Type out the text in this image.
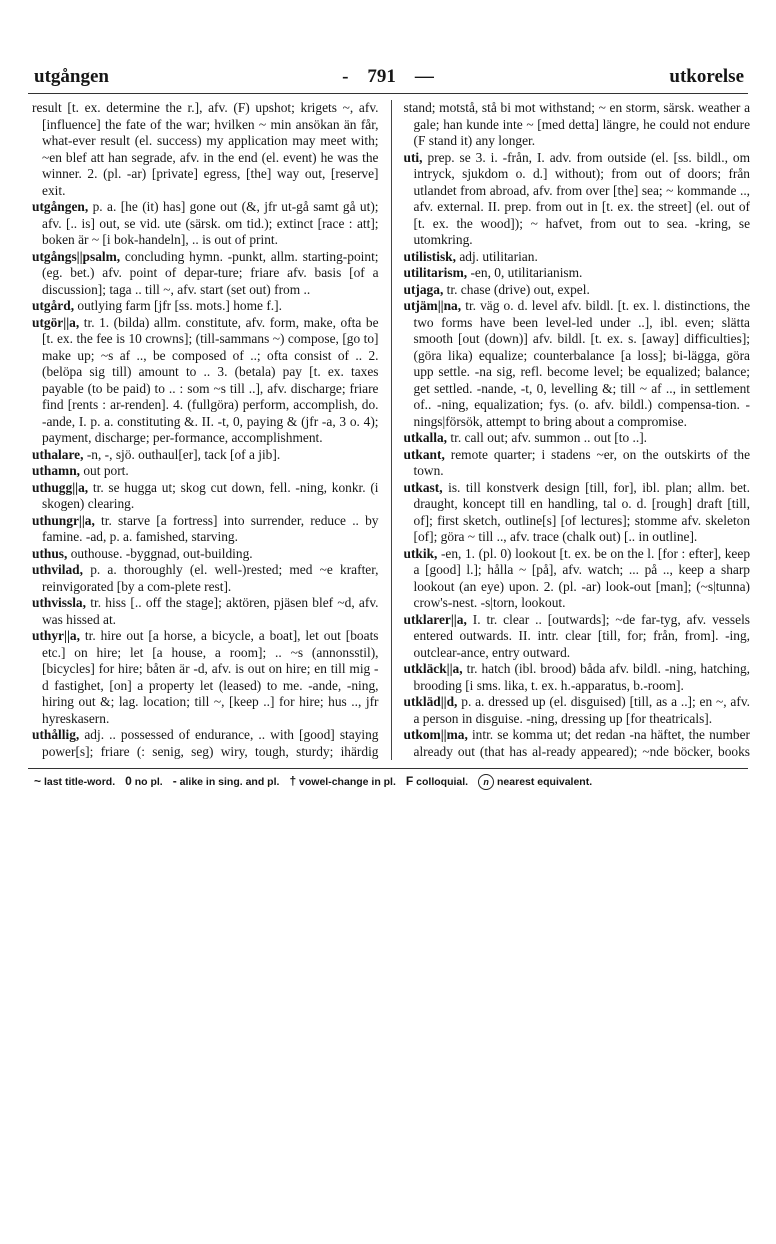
utgången	- 791 —	utkorelse

result [t. ex. determine the r.], afv. (F) upshot; krigets ~, afv. [influence] the fate of the war; hvilken ~ min ansökan än får, what-ever result (el. success) my application may meet with; ~en blef att han segrade, afv. in the end (el. event) he was the winner. 2. (pl. -ar) [private] egress, [the] way out, [reserve] exit.

utgången, p. a. [he (it) has] gone out (&, jfr ut-gå samt gå ut); afv. [.. is] out, se vid. ute (särsk. om tid.); extinct [race : att]; boken är ~ [i bok-handeln], .. is out of print.

utgångs||psalm, concluding hymn. -punkt, allm. starting-point; (eg. bet.) afv. point of depar-ture; friare afv. basis [of a discussion]; taga .. till ~, afv. start (set out) from ..

utgård, outlying farm [jfr [ss. mots.] home f.].

utgör||a, tr. 1. (bilda) allm. constitute, afv. form, make, ofta be [t. ex. the fee is 10 crowns]; (till-sammans ~) compose, [go to] make up; ~s af .., be composed of ..; ofta consist of .. 2. (belöpa sig till) amount to .. 3. (betala) pay [t. ex. taxes payable (to be paid) to .. : som ~s till ..], afv. discharge; friare find [rents : ar-renden]. 4. (fullgöra) perform, accomplish, do. -ande, I. p. a. constituting &. II. -t, 0, paying & (jfr -a, 3 o. 4); payment, discharge; per-formance, accomplishment.

uthalare, -n, -, sjö. outhaul[er], tack [of a jib].

uthamn, out port.

uthugg||a, tr. se hugga ut; skog cut down, fell. -ning, konkr. (i skogen) clearing.

uthungr||a, tr. starve [a fortress] into surrender, reduce .. by famine. -ad, p. a. famished, starving.

uthus, outhouse. -byggnad, out-building.

uthvilad, p. a. thoroughly (el. well-)rested; med ~e krafter, reinvigorated [by a com-plete rest].

uthvissla, tr. hiss [.. off the stage]; aktören, pjäsen blef ~d, afv. was hissed at.

uthyr||a, tr. hire out [a horse, a bicycle, a boat], let out [boats etc.] on hire; let [a house, a room]; .. ~s (annonsstil), [bicycles] for hire; båten är -d, afv. is out on hire; en till mig -d fastighet, [on] a property let (leased) to me. -ande, -ning, hiring out &; lag. location; till ~, [keep ..] for hire; hus .., jfr hyreskasern.

uthållig, adj. .. possessed of endurance, .. with [good] staying power[s]; friare (: senig, seg) wiry, tough, sturdy; ihärdig

stand; motstå, stå bi mot withstand; ~ en storm, särsk. weather a gale; han kunde inte ~ [med detta] längre, he could not endure (F stand it) any longer.

uti, prep. se 3. i. -från, I. adv. from outside (el. [ss. bildl., om intryck, sjukdom o. d.] without); from out of doors; från utlandet from abroad, afv. from over [the] sea; ~ kommande .., afv. external. II. prep. from out in [t. ex. the street] (el. out of [t. ex. the wood]); ~ hafvet, from out to sea. -kring, se utomkring.

utilistisk, adj. utilitarian.

utilitarism, -en, 0, utilitarianism.

utjaga, tr. chase (drive) out, expel.

utjäm||na, tr. väg o. d. level afv. bildl. [t. ex. l. distinctions, the two forms have been level-led under ..], ibl. even; slätta smooth [out (down)] afv. bildl. [t. ex. s. [away] difficulties]; (göra lika) equalize; counterbalance [a loss]; bi-lägga, göra upp settle. -na sig, refl. become level; be equalized; balance; get settled. -nande, -t, 0, levelling &; till ~ af .., in settlement of.. -ning, equalization; fys. (o. afv. bildl.) compensa-tion. -nings|försök, attempt to bring about a compromise.

utkalla, tr. call out; afv. summon .. out [to ..].

utkant, remote quarter; i stadens ~er, on the outskirts of the town.

utkast, is. till konstverk design [till, for], ibl. plan; allm. bet. draught, koncept till en handling, tal o. d. [rough] draft [till, of]; first sketch, outline[s] [of lectures]; stomme afv. skeleton [of]; göra ~ till .., afv. trace (chalk out) [.. in outline].

utkik, -en, 1. (pl. 0) lookout [t. ex. be on the l. [for : efter], keep a [good] l.]; hålla ~ [på], afv. watch; ... på .., keep a sharp lookout (an eye) upon. 2. (pl. -ar) look-out [man]; (~s|tunna) crow's-nest. -s|torn, lookout.

utklarer||a, I. tr. clear .. [outwards]; ~de far-tyg, afv. vessels entered outwards. II. intr. clear [till, for; från, from]. -ing, outclear-ance, entry outward.

utkläck||a, tr. hatch (ibl. brood) båda afv. bildl. -ning, hatching, brooding [i sms. lika, t. ex. h.-apparatus, b.-room].

utkläd||d, p. a. dressed up (el. disguised) [till, as a ..]; en ~, afv. a person in disguise. -ning, dressing up [for theatricals].

utkom||ma, intr. se komma ut; det redan -na häftet, the number already out (that has al-ready appeared); ~nde böcker, books

~ last title-word. 0 no pl. - alike in sing. and pl. † vowel-change in pl. F colloquial.	n nearest equivalent.
